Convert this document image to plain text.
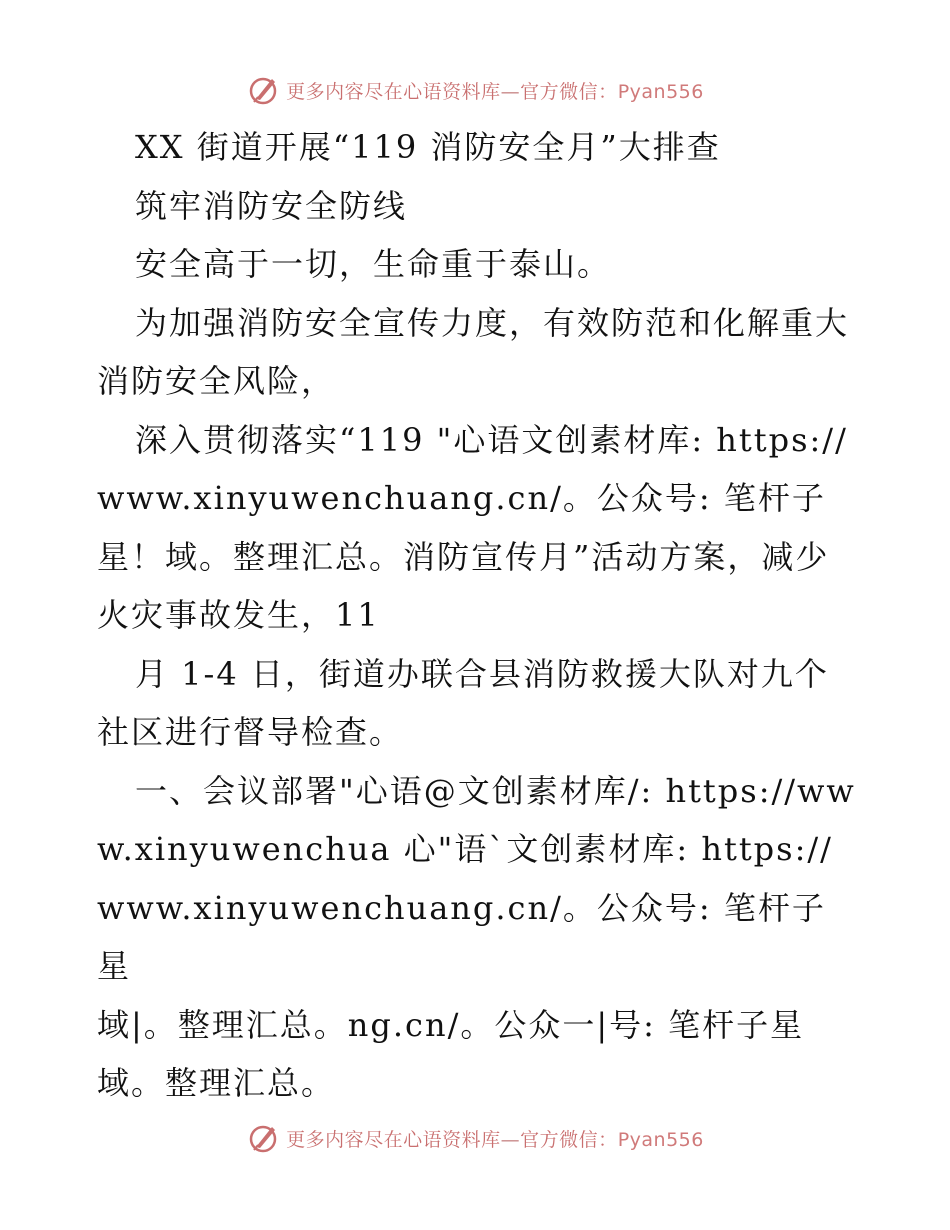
更多内容尽在心语资料库—官方微信：Pyan556

XX 街道开展“119 消防安全月”大排查

筑牢消防安全防线

安全高于一切，生命重于泰山。

为加强消防安全宣传力度，有效防范和化解重大消防安全风险，

深入贯彻落实“119 "心语文创素材库: https://www.xinyuwenchuang.cn/。公众号: 笔杆子星！域。整理汇总。消防宣传月”活动方案，减少火灾事故发生，11

月 1-4 日，街道办联合县消防救援大队对九个社区进行督导检查。

一、会议部署"心语@文创素材库/: https://www.xinyuwenchua 心"语`文创素材库: https://www.xinyuwenchuang.cn/。公众号: 笔杆子星

域|。整理汇总。ng.cn/。公众一|号: 笔杆子星域。整理汇总。

更多内容尽在心语资料库—官方微信：Pyan556
